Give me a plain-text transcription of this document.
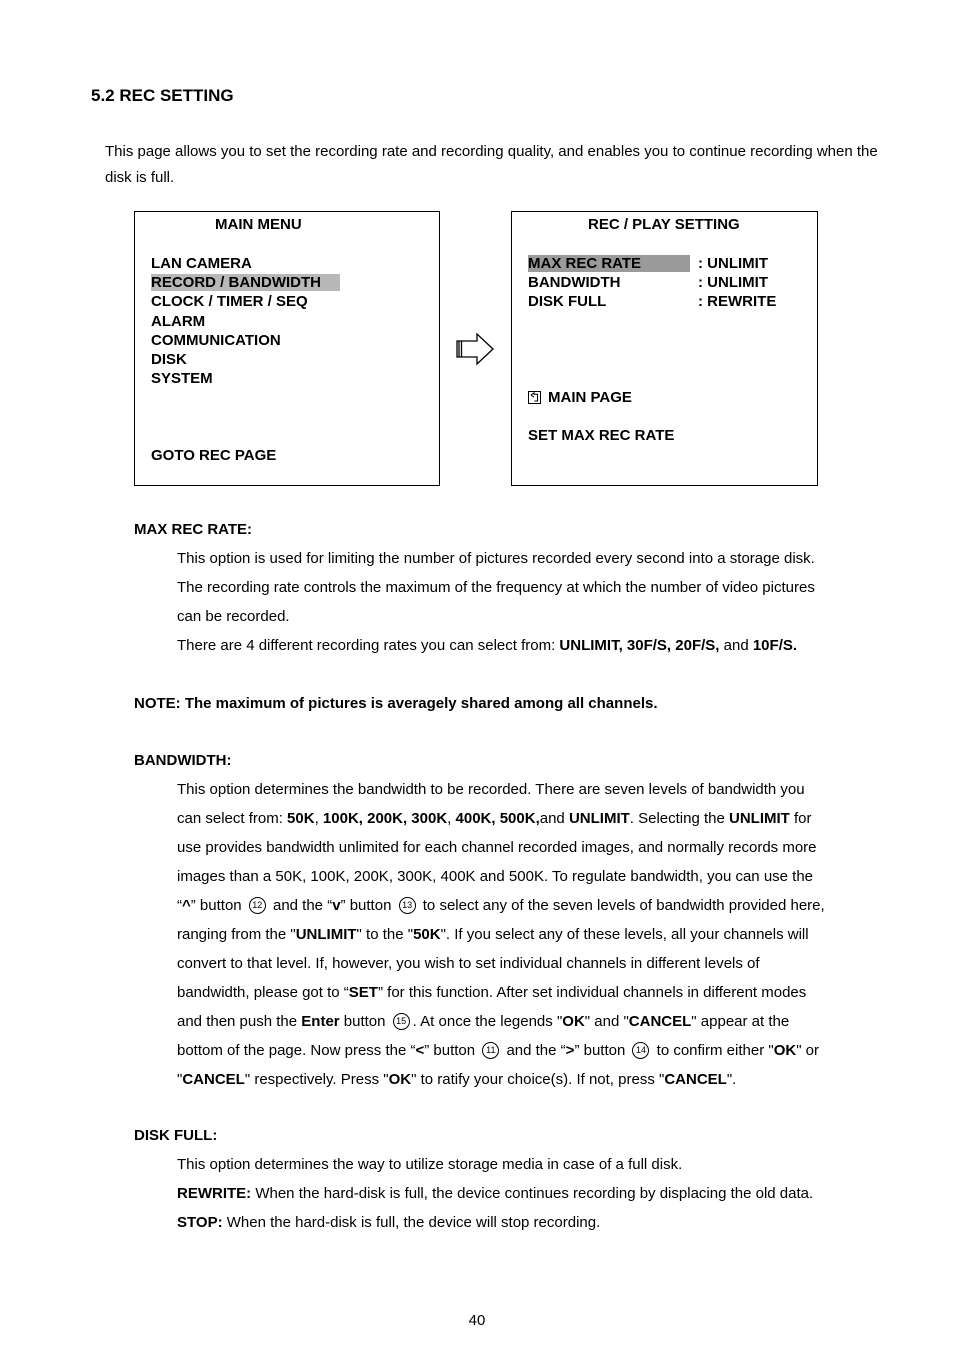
5.2 REC SETTING

This page allows you to set the recording rate and recording quality, and enables you to continue recording when the disk is full.

MAIN MENU
LAN CAMERA
RECORD / BANDWIDTH
CLOCK / TIMER / SEQ
ALARM
COMMUNICATION
DISK
SYSTEM
GOTO REC PAGE
REC / PLAY SETTING
MAX REC RATE	: UNLIMIT
BANDWIDTH	: UNLIMIT
DISK FULL	: REWRITE
MAIN PAGE
SET MAX REC RATE

MAX REC RATE:

This option is used for limiting the number of pictures recorded every second into a storage disk.
The recording rate controls the maximum of the frequency at which the number of video pictures
can be recorded.
There are 4 different recording rates you can select from: UNLIMIT, 30F/S, 20F/S, and 10F/S.

NOTE: The maximum of pictures is averagely shared among all channels.

BANDWIDTH:

This option determines the bandwidth to be recorded. There are seven levels of bandwidth you
can select from: 50K, 100K, 200K, 300K, 400K, 500K,and UNLIMIT. Selecting the UNLIMIT for
use provides bandwidth unlimited for each channel recorded images, and normally records more
images than a 50K, 100K, 200K, 300K, 400K and 500K. To regulate bandwidth, you can use the
“^” button 12 and the “v” button 13 to select any of the seven levels of bandwidth provided here,
ranging from the "UNLIMIT" to the "50K". If you select any of these levels, all your channels will
convert to that level. If, however, you wish to set individual channels in different levels of
bandwidth, please got to “SET” for this function. After set individual channels in different modes
and then push the Enter button 15 . At once the legends "OK" and "CANCEL" appear at the
bottom of the page. Now press the “<” button 11 and the “>” button 14 to confirm either "OK" or
"CANCEL" respectively. Press "OK" to ratify your choice(s). If not, press "CANCEL".

DISK FULL:

This option determines the way to utilize storage media in case of a full disk.
REWRITE: When the hard-disk is full, the device continues recording by displacing the old data.
STOP: When the hard-disk is full, the device will stop recording.
40
